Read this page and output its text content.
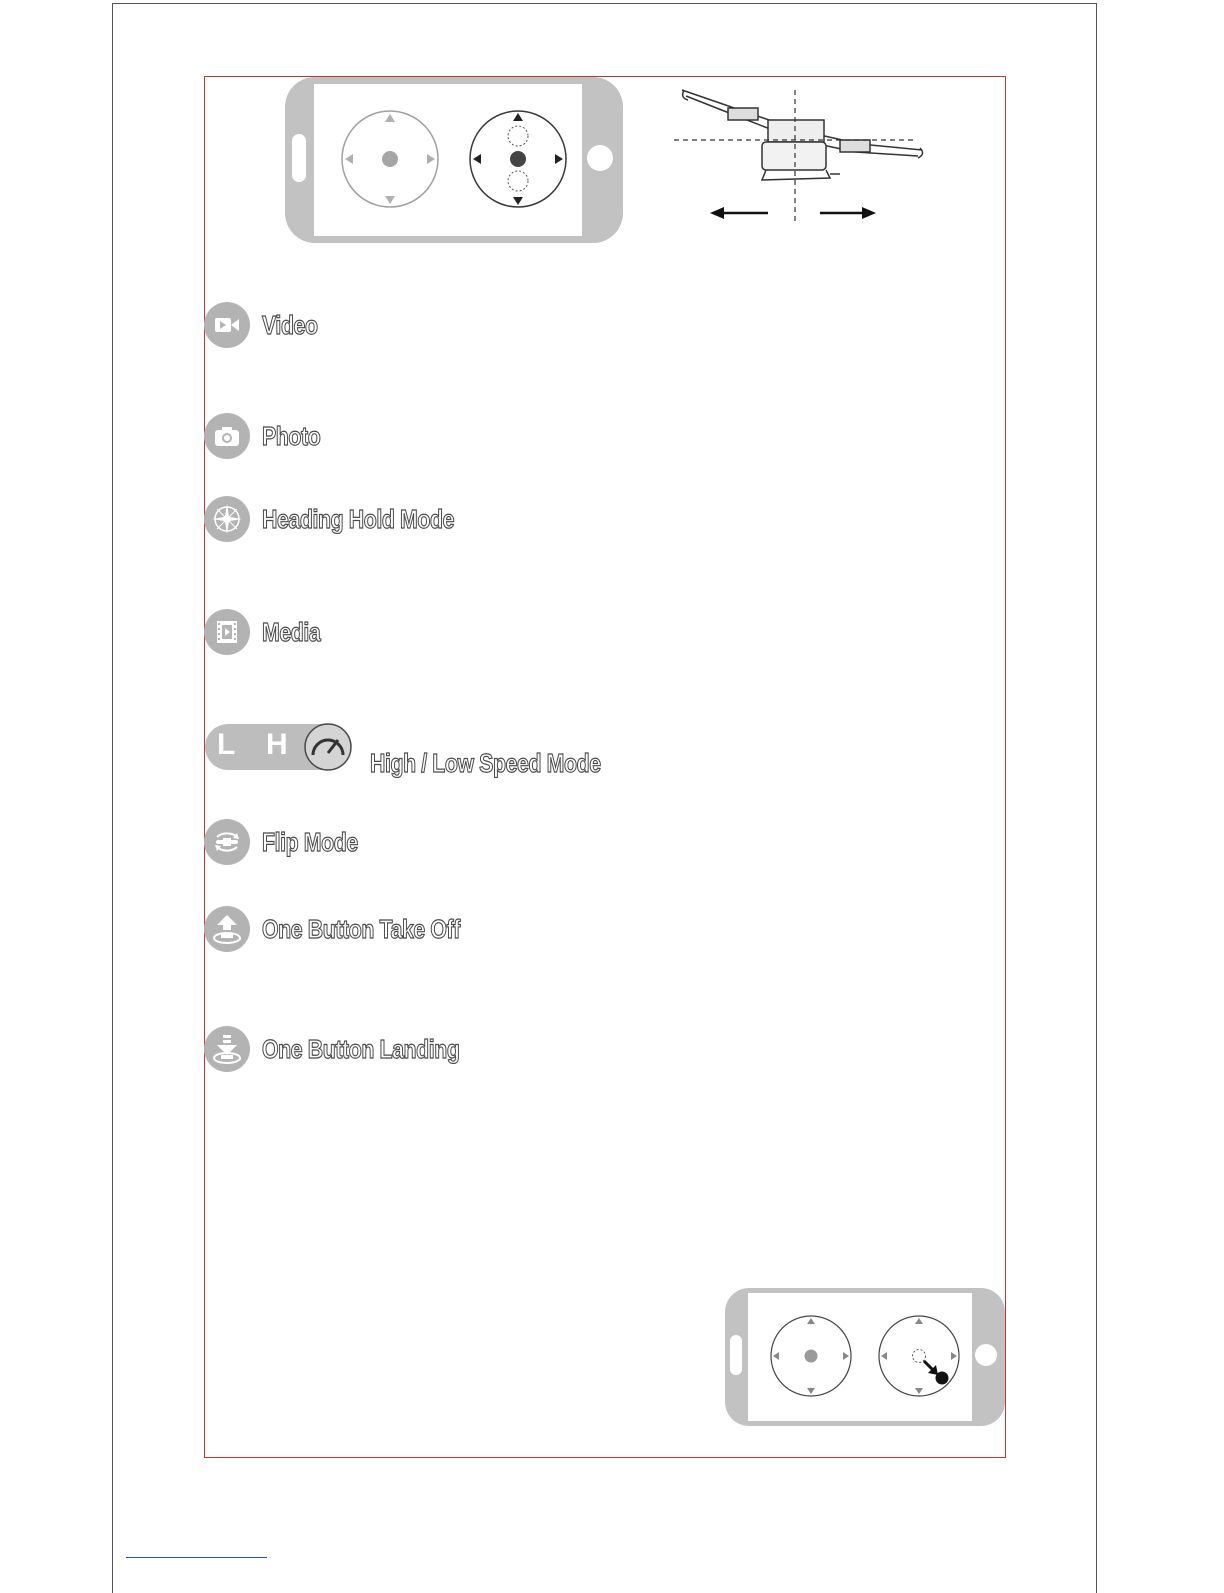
Video
Photo
Heading Hold Mode
Media
L H
High / Low Speed Mode
Flip Mode
One Button Take Off
One Button Landing
